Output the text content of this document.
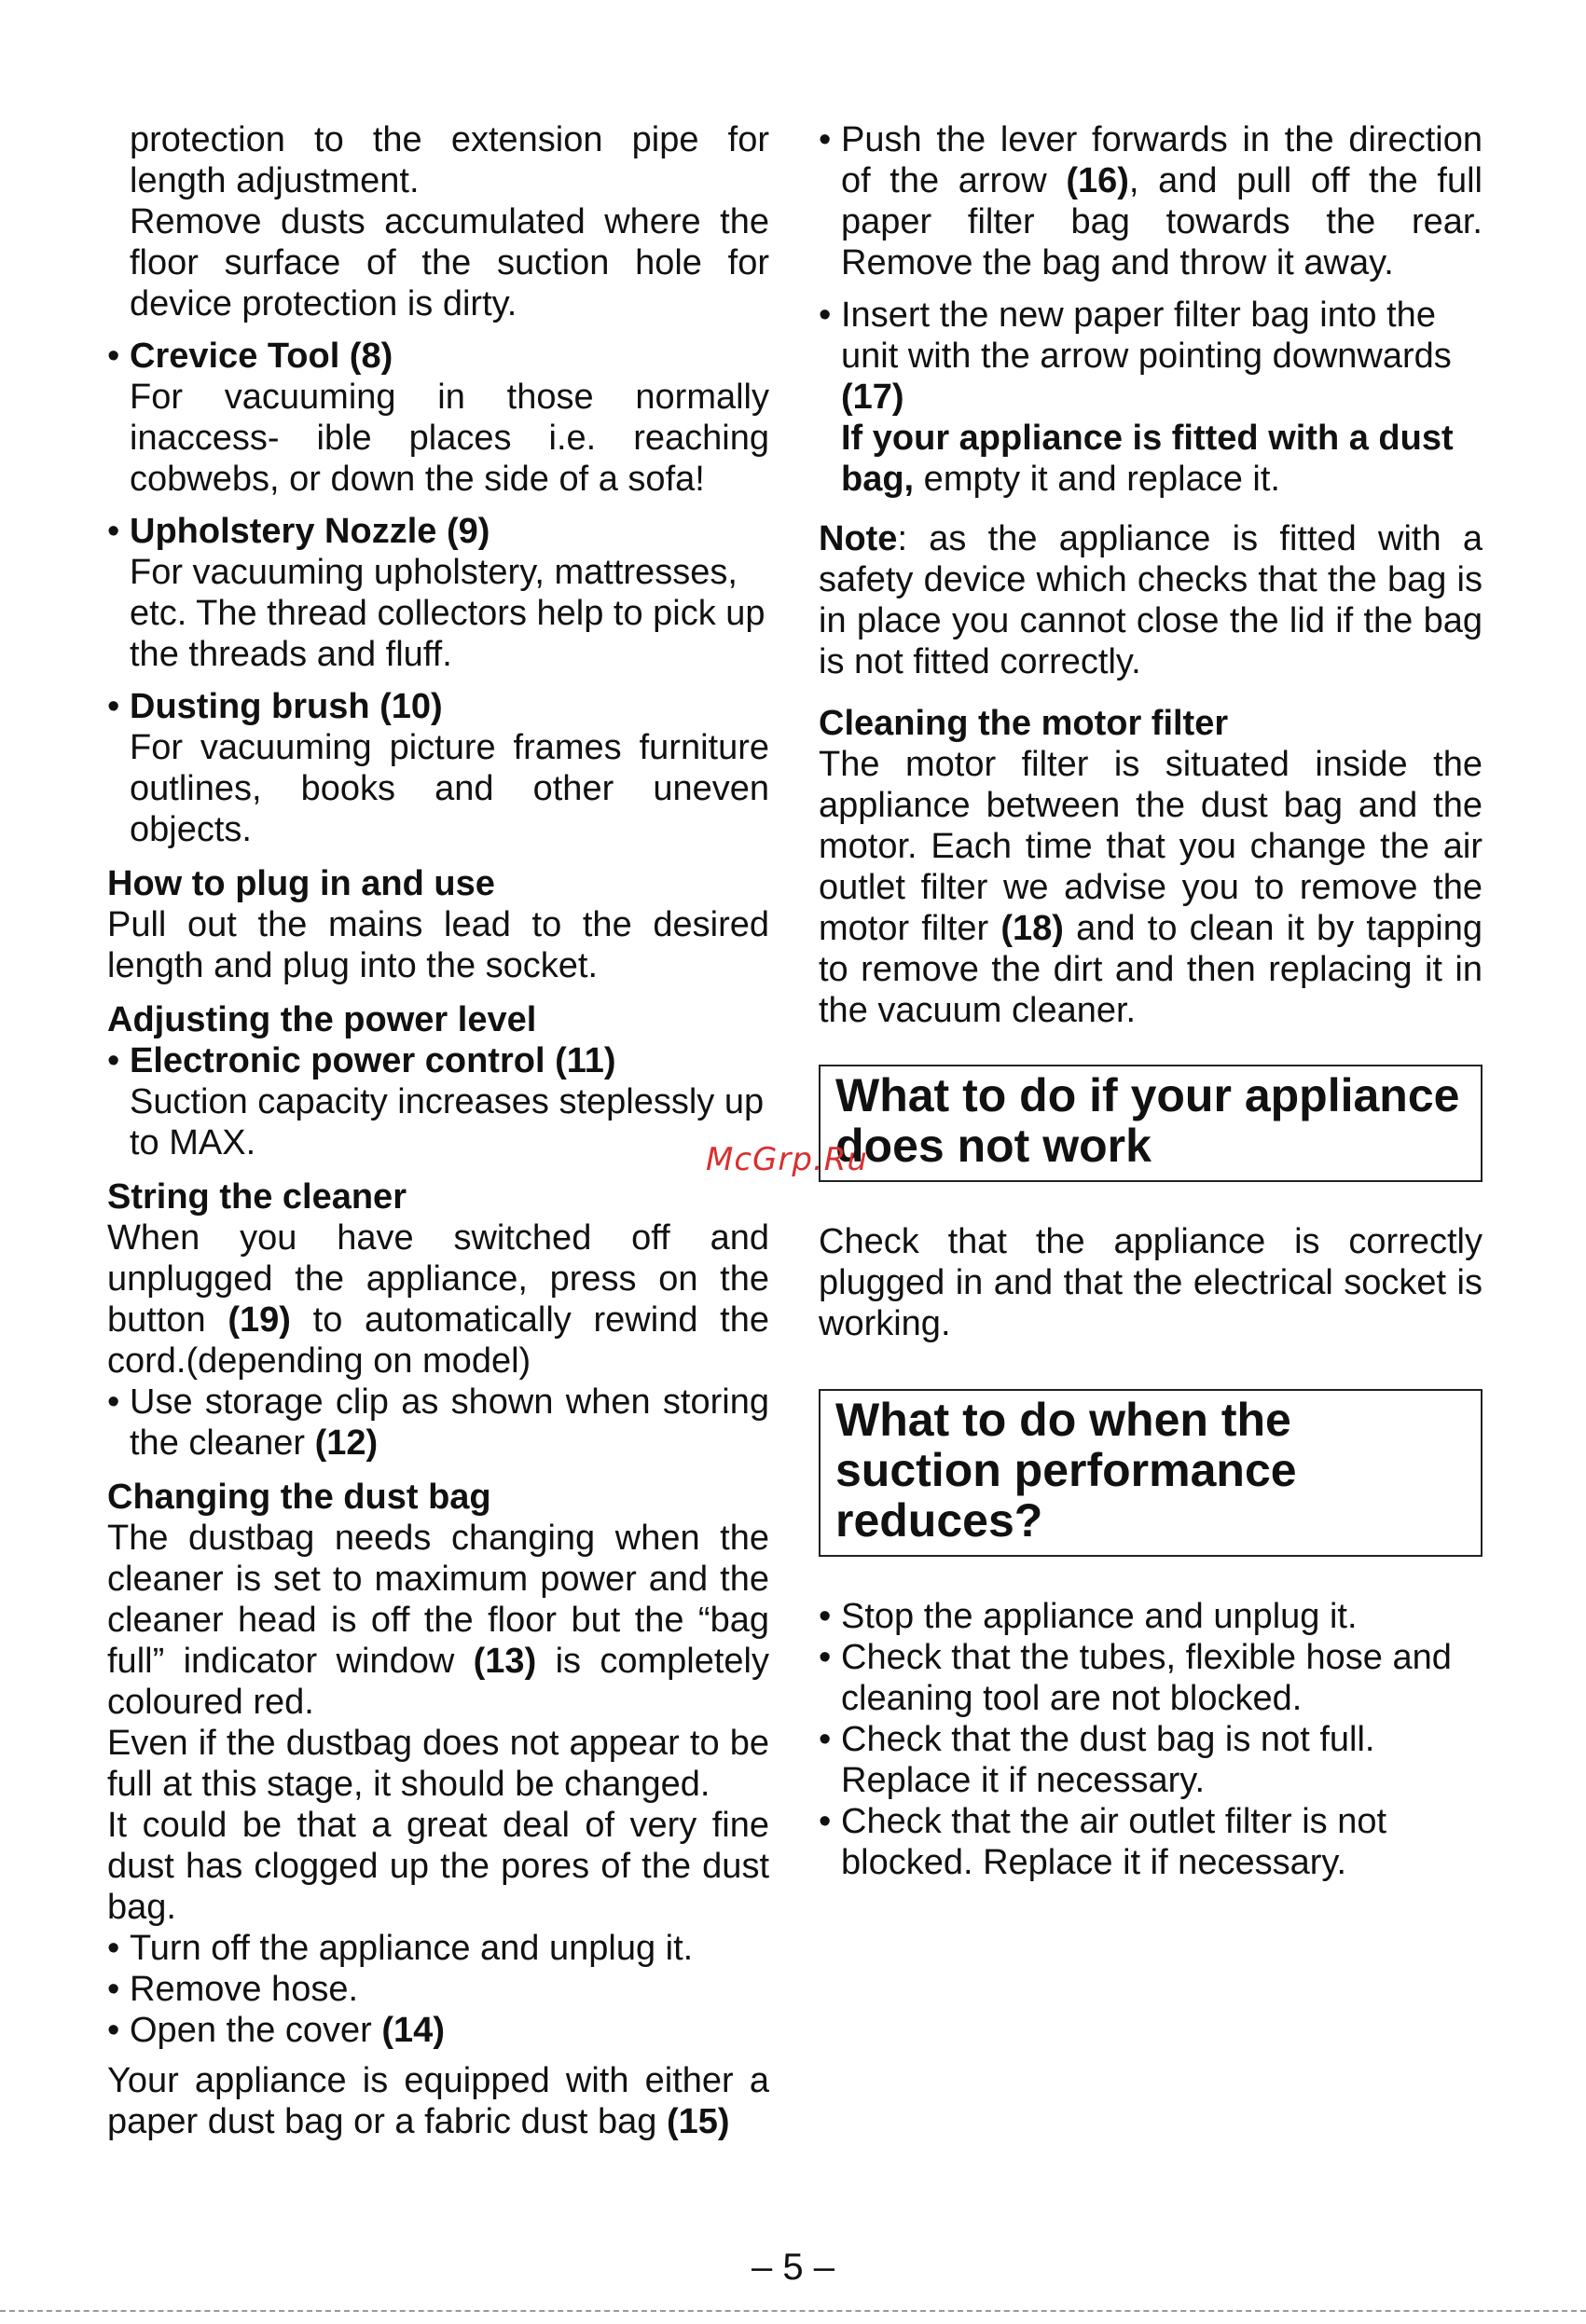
protection to the extension pipe for

length adjustment.

Remove dusts accumulated where the floor surface of the suction hole for device protection is dirty.

• Crevice Tool (8)

For vacuuming in those normally inaccess- ible places i.e. reaching cobwebs, or down the side of a sofa!

• Upholstery Nozzle (9)

For vacuuming upholstery, mattresses, etc. The thread collectors help to pick up the threads and fluff.

• Dusting brush (10)

For vacuuming picture frames furniture outlines, books and other uneven objects.

How to plug in and use

Pull out the mains lead to the desired length and plug into the socket.

Adjusting the power level

• Electronic power control (11)

Suction capacity increases steplessly up to MAX.

String the cleaner

When you have switched off and unplugged the appliance, press on the button (19) to automatically rewind the cord.(depending on model)

• Use storage clip as shown when storing the cleaner (12)

Changing the dust bag

The dustbag needs changing when the cleaner is set to maximum power and the cleaner head is off the floor but the “bag full” indicator window (13) is completely coloured red.

Even if the dustbag does not appear to be full at this stage, it should be changed.

It could be that a great deal of very fine dust has clogged up the pores of the dust bag.

• Turn off the appliance and unplug it.

• Remove hose.

• Open the cover (14)

Your appliance is equipped with either a paper dust bag or a fabric dust bag (15)

• Push the lever forwards in the direction of the arrow (16), and pull off the full paper filter bag towards the rear. Remove the bag and throw it away.

• Insert the new paper filter bag into the unit with the arrow pointing downwards

(17)

If your appliance is fitted with a dust bag, empty it and replace it.

Note: as the appliance is fitted with a safety device which checks that the bag is in place you cannot close the lid if the bag is not fitted correctly.

Cleaning the motor filter

The motor filter is situated inside the appliance between the dust bag and the motor. Each time that you change the air outlet filter we advise you to remove the motor filter (18) and to clean it by tapping to remove the dirt and then replacing it in the vacuum cleaner.

What to do if your appliance does not work

Check that the appliance is correctly plugged in and that the electrical socket is working.

What to do when the suction performance reduces?
• Stop the appliance and unplug it.

• Check that the tubes, flexible hose and cleaning tool are not blocked.

• Check that the dust bag is not full. Replace it if necessary.

• Check that the air outlet filter is not blocked. Replace it if necessary.

McGrp.Ru
– 5 –
